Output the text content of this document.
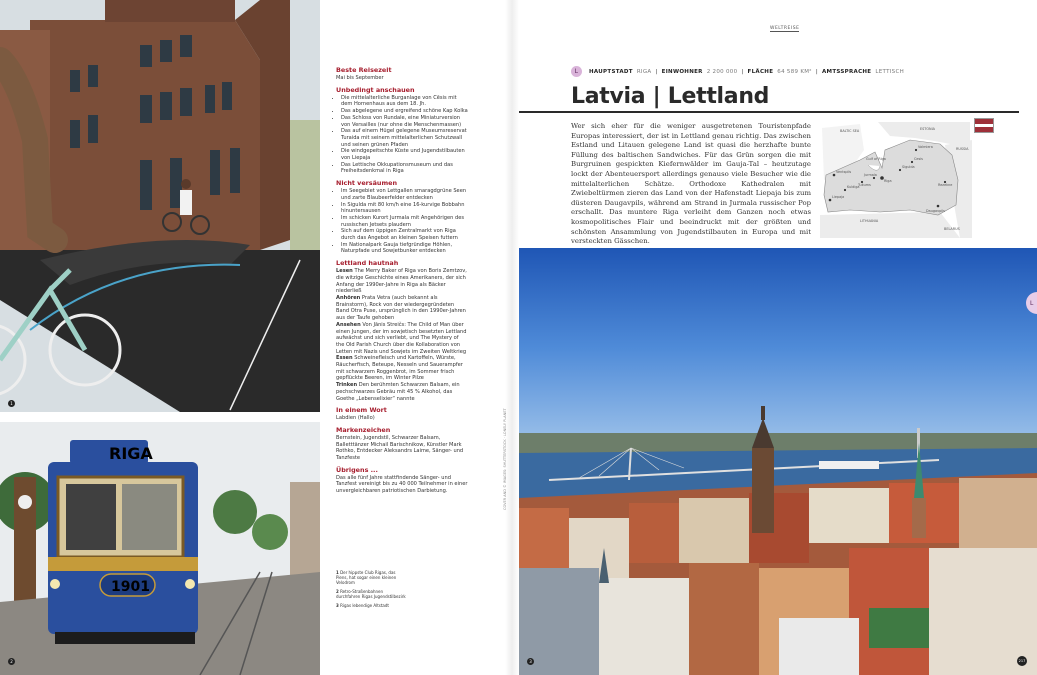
1
RIGA
1901
2
Beste Reisezeit

Mai bis September

Unbedingt anschauen
• Die mittelalterliche Burganlage von Cēsis mit dem Hornenhaus aus dem 18. Jh.
• Das abgelegene und ergreifend schöne Kap Kolka
• Das Schloss von Rundale, eine Miniaturversion von Versailles (nur ohne die Menschenmassen)
• Das auf einem Hügel gelegene Museumsreservat Turaida mit seinem mittelalterlichen Schutzwall und seinen grünen Pfaden
• Die windgepeitschte Küste und Jugendstilbauten von Liepaja
• Das Lettische Okkupationsmuseum und das Freiheitsdenkmal in Riga
Nicht versäumen
• Im Seegebiet von Lettgallen smaragdgrüne Seen und zarte Blaubeerfelder entdecken
• In Sigulda mit 80 km/h eine 16-kurvige Bobbahn hinuntersausen
• Im schicken Kurort Jurmala mit Angehörigen des russischen Jetsets plaudern
• Sich auf dem üppigen Zentralmarkt von Riga durch das Angebot an kleinen Speisen futtern
• Im Nationalpark Gauja tiefgründige Höhlen, Naturpfade und Sowjetbunker entdecken
Lettland hautnah

Lesen The Merry Baker of Riga von Boris Zemtzov, die witzige Geschichte eines Amerikaners, der sich Anfang der 1990er-Jahre in Riga als Bäcker niederließ

Anhören Prata Vetra (auch bekannt als Brainstorm), Rock von der wiedergegründeten Band Otra Puse, ursprünglich in den 1990er-Jahren aus der Taufe gehoben

Ansehen Von Jānis Streičs: The Child of Man über einen Jungen, der im sowjetisch besetzten Lettland aufwächst und sich verliebt, und The Mystery of the Old Parish Church über die Kollaboration von Letten mit Nazis und Sowjets im Zweiten Weltkrieg

Essen Schweinefleisch und Kartoffeln, Würste, Räucherfisch, Beteupe, Nesseln und Sauerampfer mit schwarzem Roggenbrot, im Sommer frisch gepflückte Beeren, im Winter Pilze

Trinken Den berühmten Schwarzen Balsam, ein pechschwarzes Gebräu mit 45 % Alkohol, das Goethe „Lebenselixier“ nannte

In einem Wort

Labdien (Hallo)

Markenzeichen

Bernstein, Jugendstil, Schwarzer Balsam, Balletttänzer Michail Barischnikow, Künstler Mark Rothko, Entdecker Aleksandrs Laime, Sänger- und Tanzfeste

Übrigens ...

Das alle fünf Jahre stattfindende Sänger- und Tanzfest vereinigt bis zu 40 000 Teilnehmer in einer unvergleichbaren patriotischen Darbietung.

1 Der hippste Club Rigas, das Piens, hat sogar einen kleinen Velodrom
2 Retro-Straßenbahnen durchfahren Rigas Jugendstilbezirk
3 Rigas lebendige Altstadt
COVER AND © IMAGES: SHUTTERSTOCK · LONELY PLANET
WELTREISE
L	HAUPTSTADT RIGA | EINWOHNER 2 200 000 | FLÄCHE 64 589 KM² | AMTSSPRACHE LETTISCH
Latvia | Lettland
Wer sich eher für die weniger ausgetretenen Touristenpfade Europas interessiert, der ist in Lettland genau richtig. Das zwischen Estland und Litauen gelegene Land ist quasi die herzhafte bunte Füllung des baltischen Sandwiches. Für das Grün sorgen die mit Burgruinen gespickten Kiefernwälder im Gauja-Tal – heutzutage lockt der Abenteuersport allerdings genauso viele Besucher wie die mittelalterlichen Schätze. Orthodoxe Kathedralen mit Zwiebeltürmen zieren das Land von der Hafenstadt Liepaja bis zum düsteren Daugavpils, während am Strand in Jurmala russischer Pop erschallt. Das muntere Riga verleiht dem Ganzen noch etwas kosmopolitisches Flair und beeindruckt mit der größten und schönsten Ansammlung von Jugendstilbauten in Europa und mit versteckten Gässchen.
BALTIC SEA	ESTONIA
Gulf of Riga
RUSSIA
LITHUANIA
BELARUS
Ventspils
Liepaja
Riga
Jurmala
Sigulda
Cesis
Daugavpils
Kuldiga
Tukums
Valmiera
Rezekne
3
L
217
